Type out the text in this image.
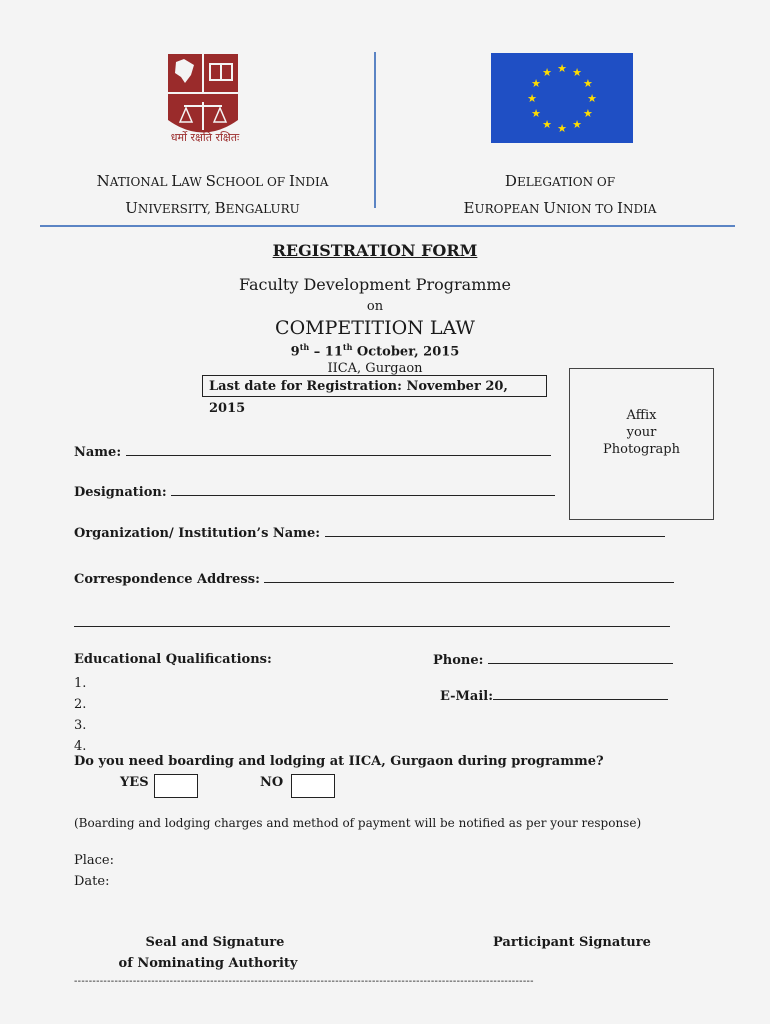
धर्मो रक्षति रक्षितः
★ ★
★
★
★
★
★
★
★
★
★
★
NATIONAL LAW SCHOOL OF INDIA
UNIVERSITY, BENGALURU
DELEGATION OF
EUROPEAN UNION TO INDIA
REGISTRATION FORM
Faculty Development Programme
on
COMPETITION LAW
9th – 11th October, 2015
IICA, Gurgaon
Last date for Registration: November 20, 2015	Affix
your
Photograph
Name:
Designation:
Organization/ Institution’s Name:
Correspondence Address:
Educational Qualifications:
1.
2.
3.
4.
Phone:
E-Mail:
Do you need boarding and lodging at IICA, Gurgaon during programme?
YES	NO
(Boarding and lodging charges and method of payment will be notified as per your response)
Place:
Date:
Seal and Signature
of Nominating Authority
Participant Signature
-----------------------------------------------------------------------------------------------------------------------------
